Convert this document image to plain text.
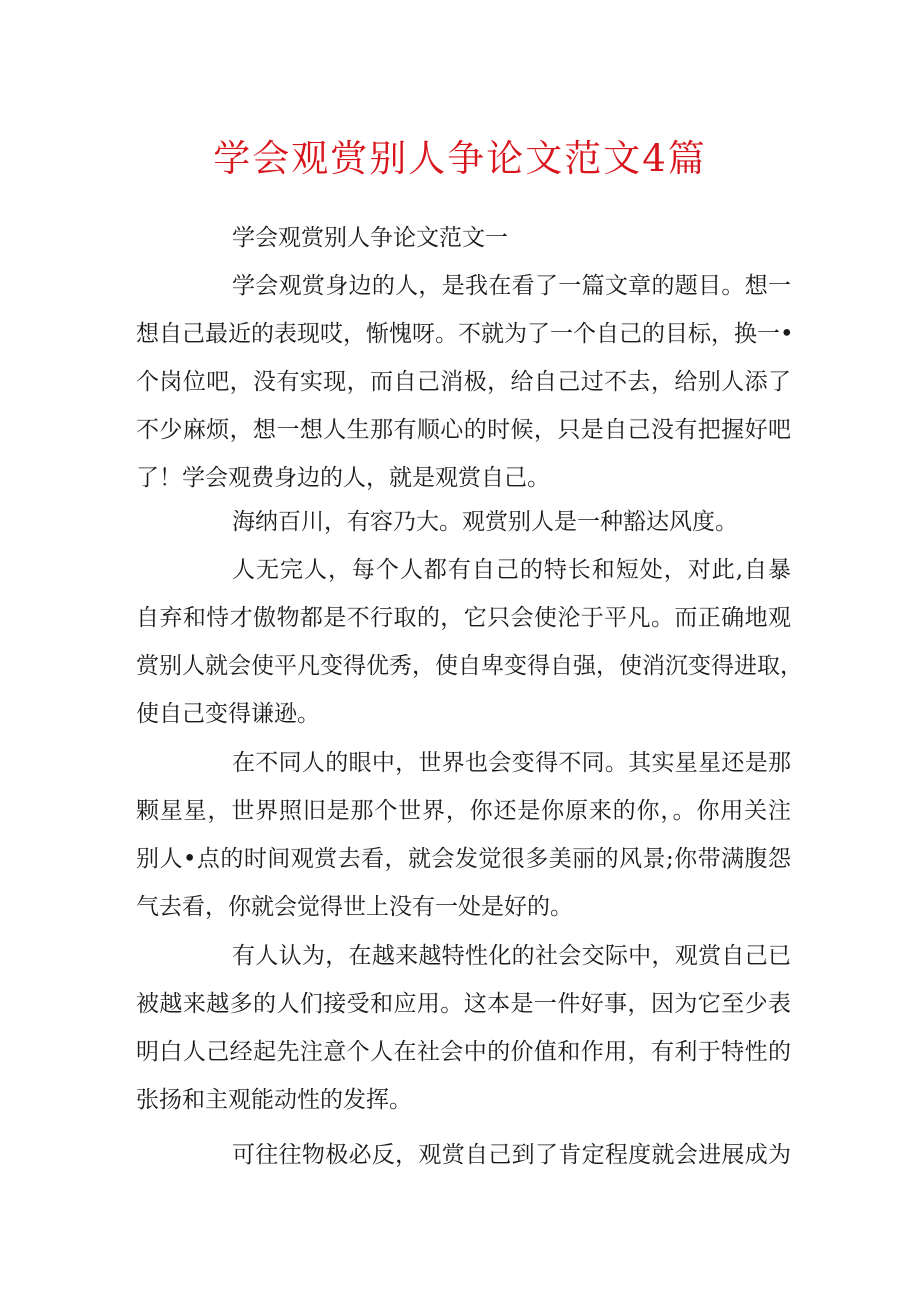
学会观赏别人争论文范文4篇
学会观赏别人争论文范文一
学会观赏身边的人，是我在看了一篇文章的题目。想一
想自己最近的表现哎，惭愧呀。不就为了一个自己的目标，换一•
个岗位吧，没有实现，而自己消极，给自己过不去，给别人添了
不少麻烦，想一想人生那有顺心的时候，只是自己没有把握好吧
了！学会观费身边的人，就是观赏自己。
海纳百川，有容乃大。观赏别人是一种豁达风度。
人无完人，每个人都有自己的特长和短处，对此,自暴
自弃和恃才傲物都是不行取的，它只会使沦于平凡。而正确地观
赏别人就会使平凡变得优秀，使自卑变得自强，使消沉变得进取，
使自己变得谦逊。
在不同人的眼中，世界也会变得不同。其实星星还是那
颗星星，世界照旧是那个世界，你还是你原来的你，。你用关注
别人•点的时间观赏去看，就会发觉很多美丽的风景;你带满腹怨
气去看，你就会觉得世上没有一处是好的。
有人认为，在越来越特性化的社会交际中，观赏自己已
被越来越多的人们接受和应用。这本是一件好事，因为它至少表
明白人己经起先注意个人在社会中的价值和作用，有利于特性的
张扬和主观能动性的发挥。
可往往物极必反，观赏自己到了肯定程度就会进展成为
